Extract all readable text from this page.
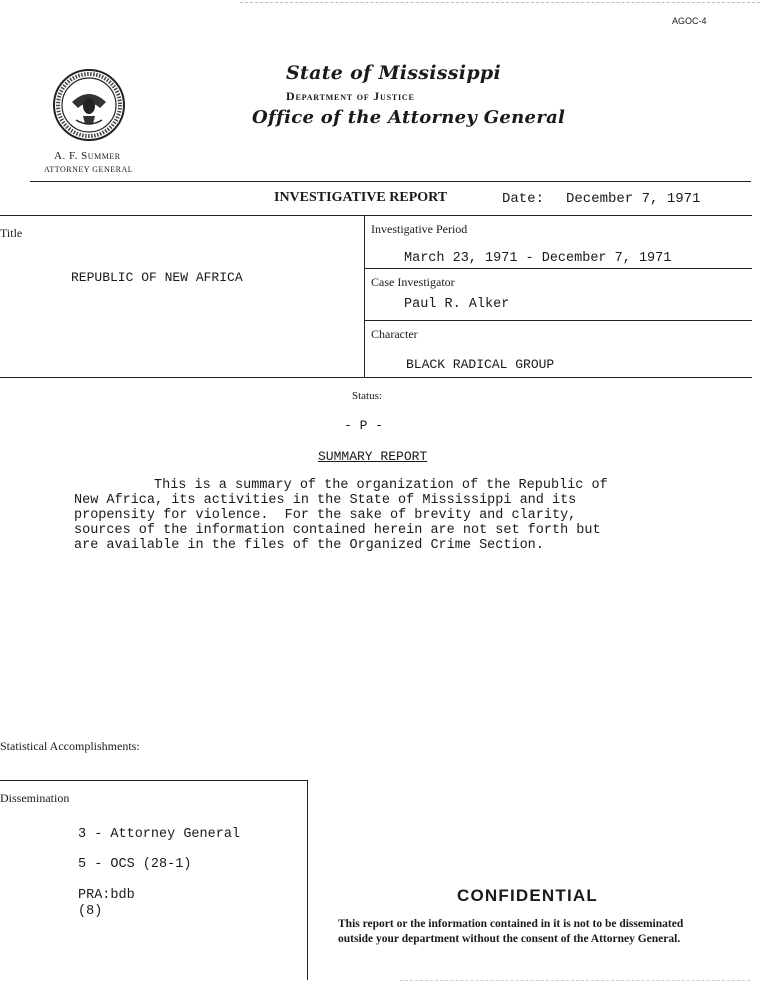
AGOC-4
State of Mississippi
Department of Justice
Office of the Attorney General
A. F. Summer
ATTORNEY GENERAL
INVESTIGATIVE REPORT	Date: December 7, 1971
Title
REPUBLIC OF NEW AFRICA
Investigative Period
March 23, 1971 - December 7, 1971
Case Investigator
Paul R. Alker
Character
BLACK RADICAL GROUP
Status:
- P -
SUMMARY REPORT
This is a summary of the organization of the Republic of
New Africa, its activities in the State of Mississippi and its
propensity for violence.  For the sake of brevity and clarity,
sources of the information contained herein are not set forth but
are available in the files of the Organized Crime Section.
Statistical Accomplishments:
Dissemination
3 - Attorney General
5 - OCS (28-1)
PRA:bdb
(8)
CONFIDENTIAL
This report or the information contained in it is not to be disseminated
outside your department without the consent of the Attorney General.
